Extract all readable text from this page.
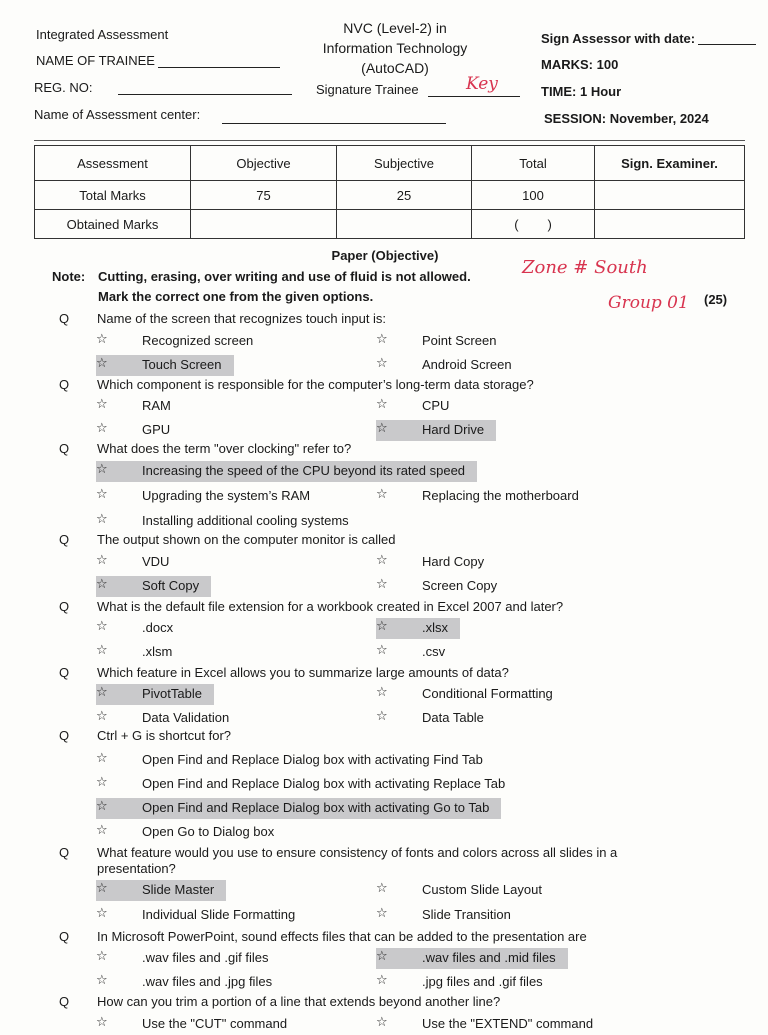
Integrated Assessment
NAME OF TRAINEE
REG. NO:
Name of Assessment center:
NVC (Level-2) in
Information Technology
(AutoCAD)
Signature Trainee	Key
Sign Assessor with date:
MARKS: 100
TIME: 1 Hour
SESSION: November, 2024
Assessment	Objective	Subjective	Total	Sign. Examiner.
Total Marks	75	25	100	
Obtained Marks			(        )	
Paper (Objective)
Note: Cutting, erasing, over writing and use of fluid is not allowed.
Mark the correct one from the given options.	(25)
Zone # South
Group 01
Q Name of the screen that recognizes touch input is:
☆	Recognized screen	☆	Point Screen
☆	Touch Screen	☆	Android Screen
Q Which component is responsible for the computer’s long-term data storage?
☆	RAM	☆	CPU
☆	GPU	☆	Hard Drive
Q What does the term "over clocking" refer to?
☆	Increasing the speed of the CPU beyond its rated speed
☆	Upgrading the system’s RAM	☆	Replacing the motherboard
☆	Installing additional cooling systems
Q The output shown on the computer monitor is called
☆	VDU	☆	Hard Copy
☆	Soft Copy	☆	Screen Copy
Q What is the default file extension for a workbook created in Excel 2007 and later?
☆	.docx	☆	.xlsx
☆	.xlsm	☆	.csv
Q Which feature in Excel allows you to summarize large amounts of data?
☆	PivotTable	☆	Conditional Formatting
☆	Data Validation	☆	Data Table
Q Ctrl + G is shortcut for?
☆	Open Find and Replace Dialog box with activating Find Tab
☆	Open Find and Replace Dialog box with activating Replace Tab
☆	Open Find and Replace Dialog box with activating Go to Tab
☆	Open Go to Dialog box
Q What feature would you use to ensure consistency of fonts and colors across all slides in a
presentation?
☆	Slide Master	☆	Custom Slide Layout
☆	Individual Slide Formatting	☆	Slide Transition
Q In Microsoft PowerPoint, sound effects files that can be added to the presentation are
☆	.wav files and .gif files	☆	.wav files and .mid files
☆	.wav files and .jpg files	☆	.jpg files and .gif files
Q How can you trim a portion of a line that extends beyond another line?
☆	Use the "CUT" command	☆	Use the "EXTEND" command
